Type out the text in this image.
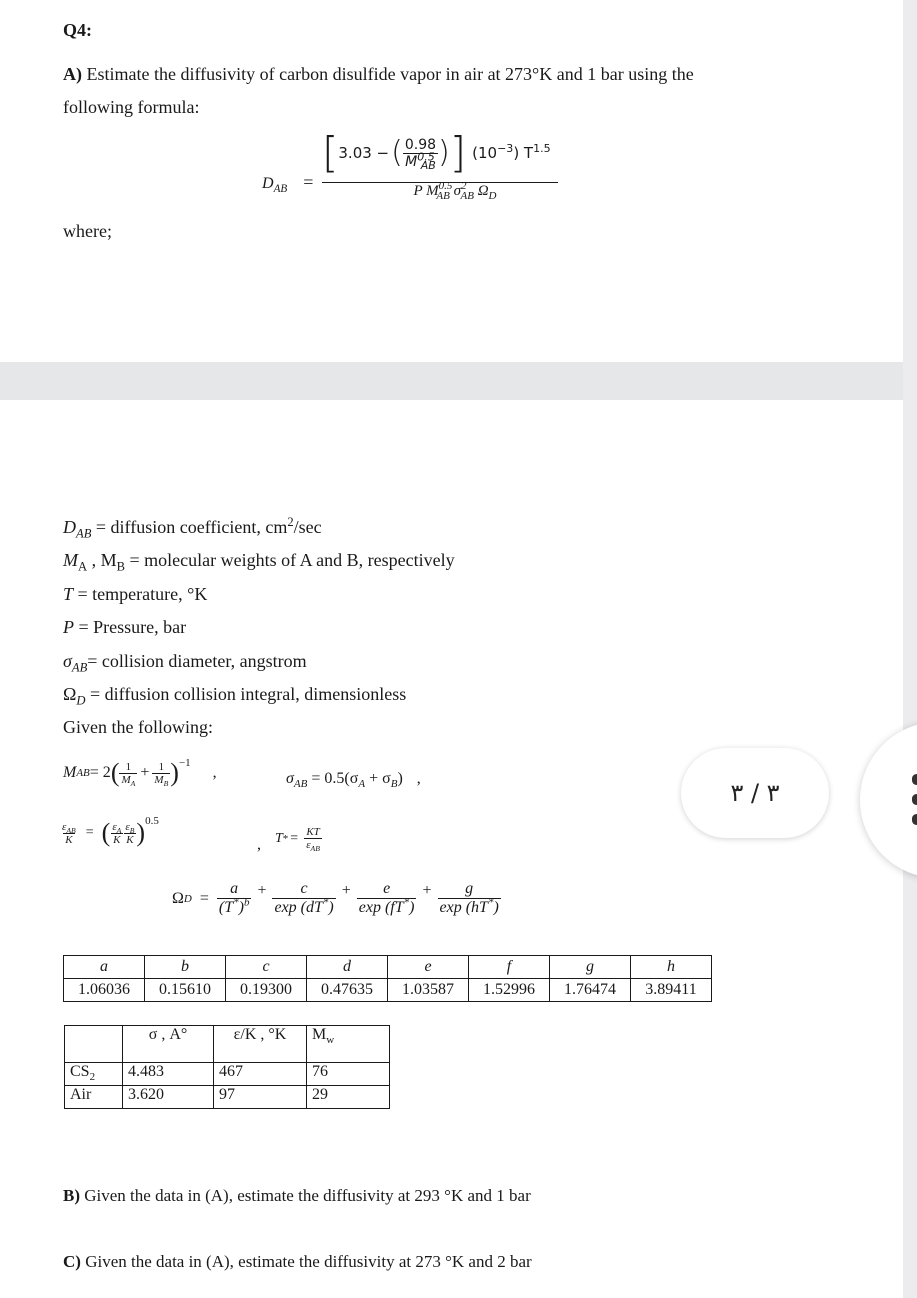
Q4:
A) Estimate the diffusivity of carbon disulfide vapor in air at 273°K and 1 bar using the
following formula:
$D_{AB}$ =
[ 3.03 − ( $\frac{0.98}{M^{0.5}_{AB}}$ ) ] $(10^{-3})$ $T^{1.5}$
P $M^{0.5}_{AB}$ $\sigma^2_{AB}$ $\Omega_D$
where;
$D_{AB}$ = diffusion coefficient, $cm^2/\sec$
$M_A$ , $M_B$ = molecular weights of A and B, respectively
T = temperature, °K
P = Pressure, bar
$\sigma_{AB}=$ collision diameter, angstrom
$\Omega_D$ = diffusion collision integral, dimensionless
Given the following:
M AB = 2 ( $\frac{1}{M_A} + \frac{1}{M_B} )^{-1}$
,	$\sigma_{AB} = 0.5(\sigma_A + \sigma_B)$ ,
$\frac{\varepsilon_{AB}}{K}$ = ( $\frac{\varepsilon_A}{K} \frac{\varepsilon_B}{K} )^{0.5}$
, T * = $\frac{KT}{\varepsilon_{AB}}$
Ω $D = \frac{a}{(T^*)^b} + \frac{c}{\exp (dT^*)} + \frac{e}{\exp (fT^*)} + \frac{g}{\exp (hT^*)}$
a	b	c	d	e	f	g	h
1.06036	0.15610	0.19300	0.47635	1.03587	1.52996	1.76474	3.89411
	σ , A°	ε/K , °K	$M_w$
$CS_2$	4.483	467	76
Air	3.620	97	29
B) Given the data in (A), estimate the diffusivity at 293 °K and 1 bar
C) Given the data in (A), estimate the diffusivity at 273 °K and 2 bar
٣ / ٣
